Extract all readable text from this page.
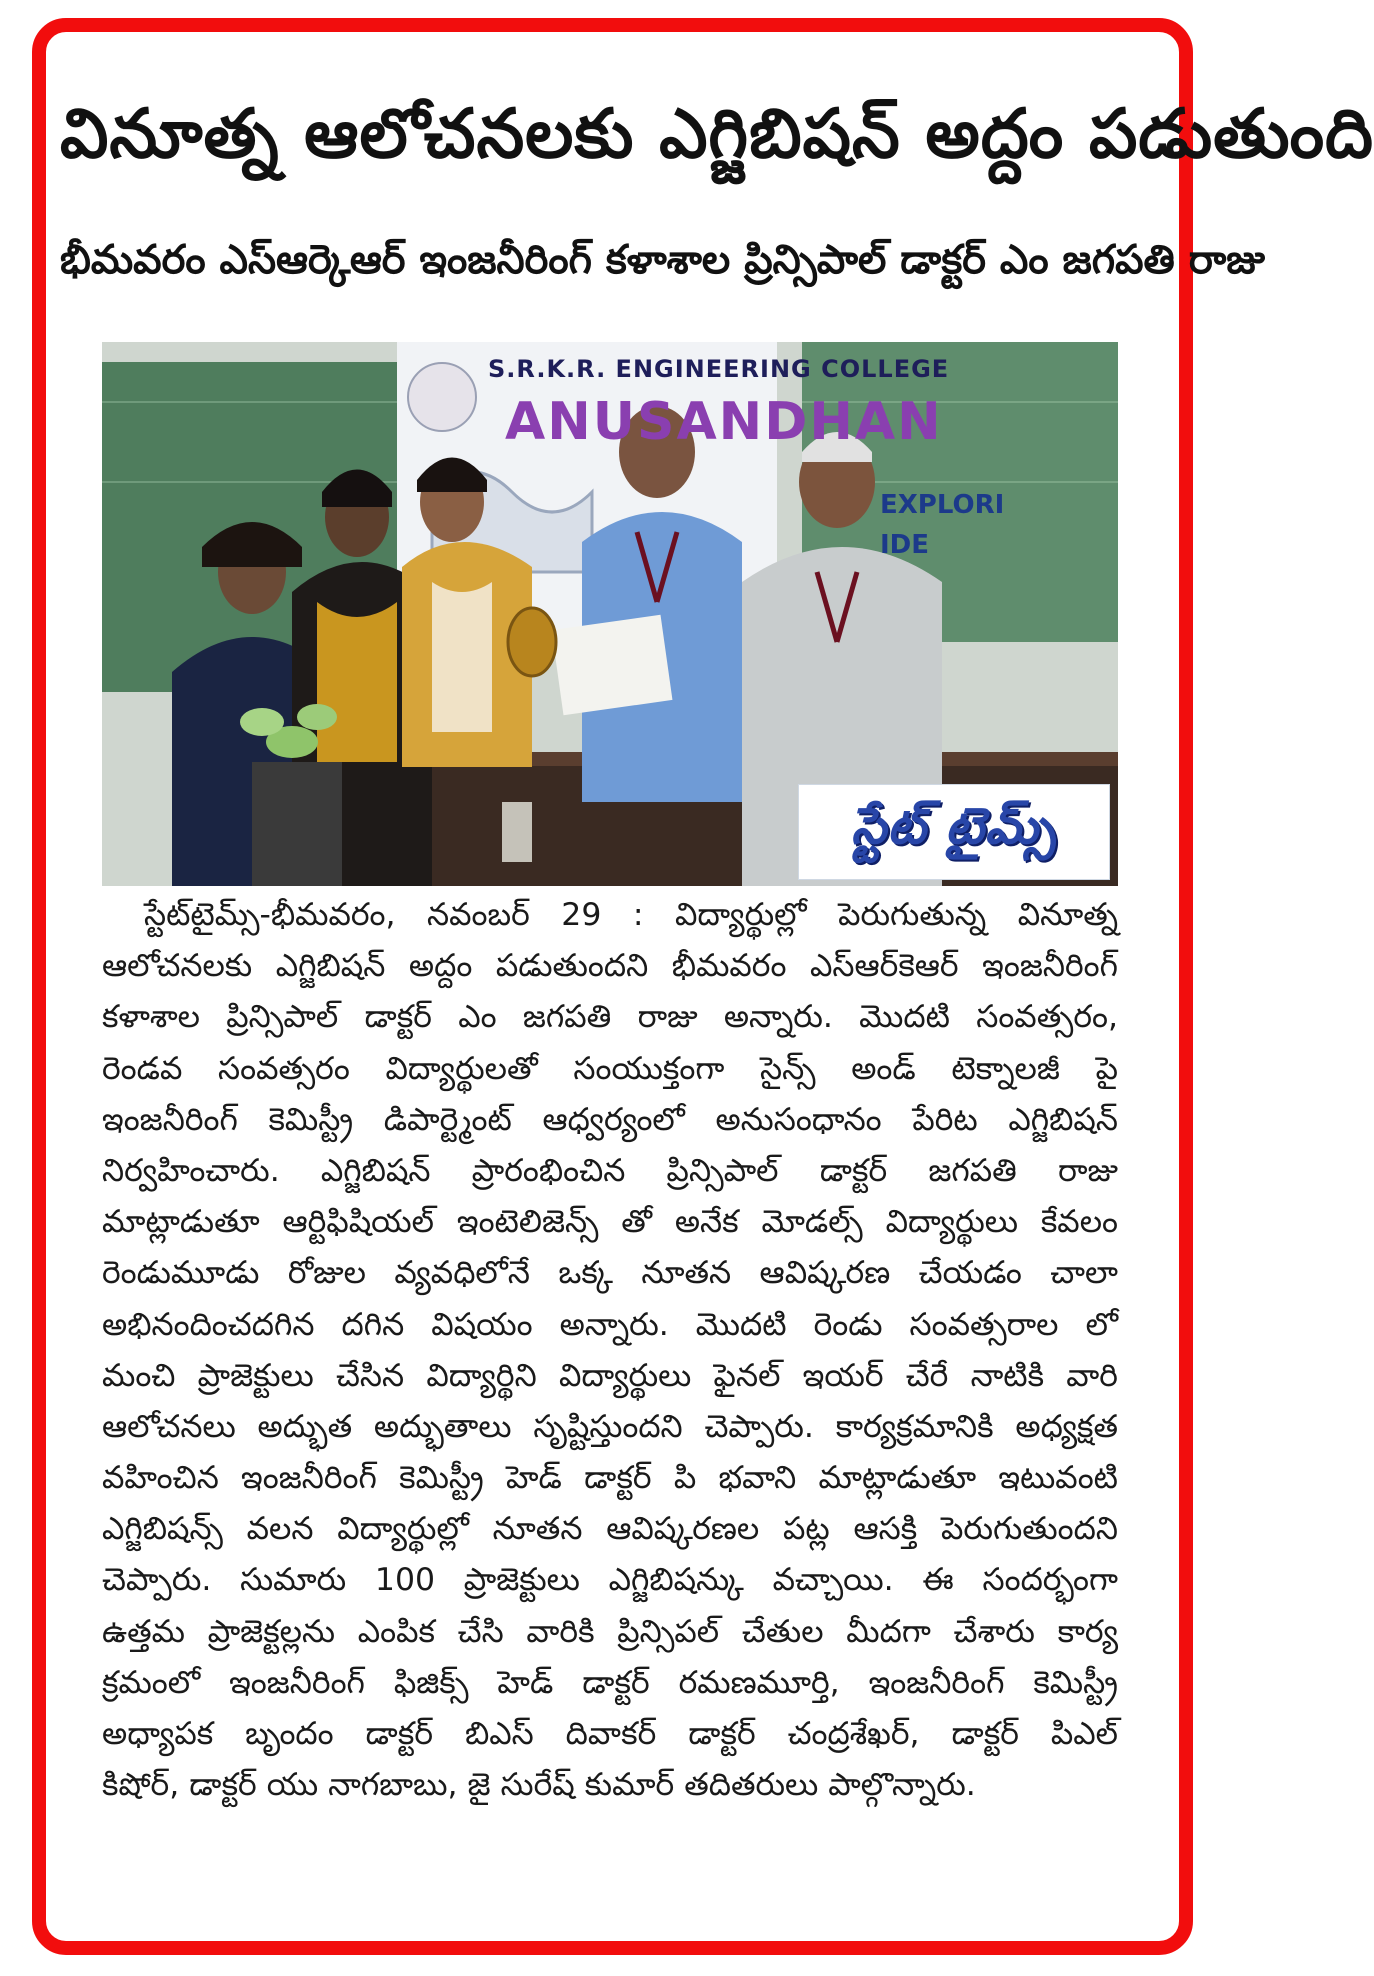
వినూత్న ఆలోచనలకు ఎగ్జిబిషన్ అద్దం పడుతుంది
భీమవరం ఎస్ఆర్కెఆర్ ఇంజనీరింగ్ కళాశాల ప్రిన్సిపాల్ డాక్టర్ ఎం జగపతి రాజు
స్టేట్ టైమ్స్
S.R.K.R. ENGINEERING COLLEGE
ANUSANDHAN
EXPLORI
IDE
స్టేట్‌టైమ్స్‌-భీమవరం, నవంబర్‌ 29 : విద్యార్థుల్లో పెరుగుతున్న వినూత్న
ఆలోచనలకు ఎగ్జిబిషన్‌ అద్దం పడుతుందని భీమవరం ఎస్‌ఆర్‌కెఆర్‌ ఇంజనీరింగ్‌
కళాశాల ప్రిన్సిపాల్‌ డాక్టర్‌ ఎం జగపతి రాజు అన్నారు. మొదటి సంవత్సరం,
రెండవ సంవత్సరం విద్యార్థులతో సంయుక్తంగా సైన్స్‌ అండ్‌ టెక్నాలజీ పై
ఇంజనీరింగ్‌ కెమిస్ట్రీ డిపార్ట్మెంట్‌ ఆధ్వర్యంలో అనుసంధానం పేరిట ఎగ్జిబిషన్‌
నిర్వహించారు. ఎగ్జిబిషన్‌ ప్రారంభించిన ప్రిన్సిపాల్‌ డాక్టర్‌ జగపతి రాజు
మాట్లాడుతూ ఆర్టిఫిషియల్‌ ఇంటెలిజెన్స్‌ తో అనేక మోడల్స్‌ విద్యార్థులు కేవలం
రెండుమూడు రోజుల వ్యవధిలోనే ఒక్క నూతన ఆవిష్కరణ చేయడం చాలా
అభినందించదగిన దగిన విషయం అన్నారు. మొదటి రెండు సంవత్సరాల లో
మంచి ప్రాజెక్టులు చేసిన విద్యార్థిని విద్యార్థులు ఫైనల్‌ ఇయర్‌ చేరే నాటికి వారి
ఆలోచనలు అద్భుత అద్భుతాలు సృష్టిస్తుందని చెప్పారు. కార్యక్రమానికి అధ్యక్షత
వహించిన ఇంజనీరింగ్‌ కెమిస్ట్రీ హెడ్‌ డాక్టర్‌ పి భవాని మాట్లాడుతూ ఇటువంటి
ఎగ్జిబిషన్స్‌ వలన విద్యార్థుల్లో నూతన ఆవిష్కరణల పట్ల ఆసక్తి పెరుగుతుందని
చెప్పారు. సుమారు 100 ప్రాజెక్టులు ఎగ్జిబిషన్కు వచ్చాయి. ఈ సందర్భంగా
ఉత్తమ ప్రాజెక్టల్లను ఎంపిక చేసి వారికి ప్రిన్సిపల్‌ చేతుల మీదగా చేశారు కార్య
క్రమంలో ఇంజనీరింగ్‌ ఫిజిక్స్‌ హెడ్‌ డాక్టర్‌ రమణమూర్తి, ఇంజనీరింగ్‌ కెమిస్ట్రీ
అధ్యాపక బృందం డాక్టర్‌ బిఎస్‌ దివాకర్‌ డాక్టర్‌ చంద్రశేఖర్‌, డాక్టర్‌ పిఎల్‌
కిషోర్‌, డాక్టర్‌ యు నాగబాబు, జై సురేష్‌ కుమార్‌ తదితరులు పాల్గొన్నారు.
